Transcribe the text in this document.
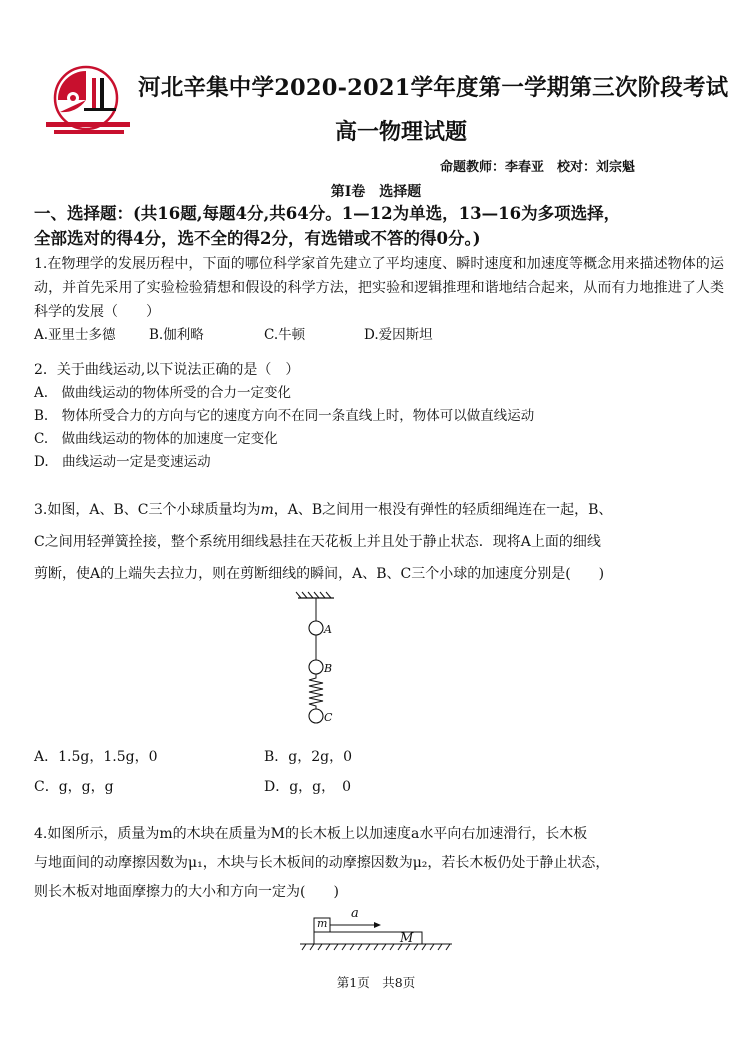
河北辛集中学2020-2021学年度第一学期第三次阶段考试
高一物理试题
命题教师：李春亚　校对：刘宗魁
第Ⅰ卷　选择题
一、选择题：(共16题,每题4分,共64分。1—12为单选，13—16为多项选择，
全部选对的得4分，选不全的得2分，有选错或不答的得0分。)
1.在物理学的发展历程中，下面的哪位科学家首先建立了平均速度、瞬时速度和加速度等概念用来描述物体的运动，并首先采用了实验检验猜想和假设的科学方法，把实验和逻辑推理和谐地结合起来，从而有力地推进了人类科学的发展（　　）
A.亚里士多德	B.伽利略	C.牛顿	D.爱因斯坦
2．关于曲线运动,以下说法正确的是（　）
A.　做曲线运动的物体所受的合力一定变化
B.　物体所受合力的方向与它的速度方向不在同一条直线上时，物体可以做直线运动
C.　做曲线运动的物体的加速度一定变化
D.　曲线运动一定是变速运动
3.如图，A、B、C三个小球质量均为m，A、B之间用一根没有弹性的轻质细绳连在一起，B、
C之间用轻弹簧拴接，整个系统用细线悬挂在天花板上并且处于静止状态．现将A上面的细线
剪断，使A的上端失去拉力，则在剪断细线的瞬间，A、B、C三个小球的加速度分别是(　　)
A
B
C
A．1.5g，1.5g，0	B．g，2g，0
C．g，g，g	D．g，g，　0
4.如图所示，质量为m的木块在质量为M的长木板上以加速度a水平向右加速滑行，长木板
与地面间的动摩擦因数为μ₁，木块与长木板间的动摩擦因数为μ₂，若长木板仍处于静止状态，
则长木板对地面摩擦力的大小和方向一定为(　　)
m
a
M
第1页　共8页
